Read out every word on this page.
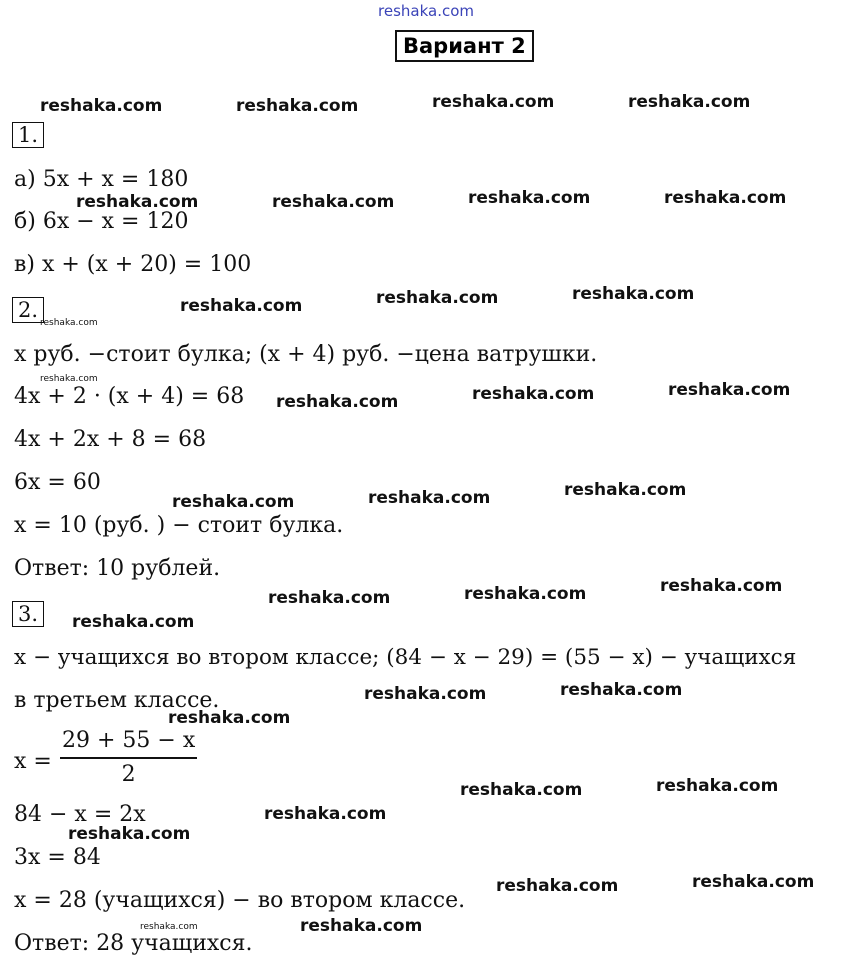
reshaka.com
Вариант 2
reshaka.com	reshaka.com	reshaka.com	reshaka.com
reshaka.com	reshaka.com	reshaka.com	reshaka.com
reshaka.com	reshaka.com	reshaka.com
reshaka.com
reshaka.com
reshaka.com	reshaka.com	reshaka.com
reshaka.com	reshaka.com	reshaka.com
reshaka.com	reshaka.com	reshaka.com
reshaka.com
reshaka.com	reshaka.com
reshaka.com
reshaka.com	reshaka.com
reshaka.com
reshaka.com
reshaka.com	reshaka.com
reshaka.com
reshaka.com
1.
а) 5x + x = 180
б) 6x − x = 120
в) x + (x + 20) = 100
2.
x руб. −стоит булка; (x + 4) руб. −цена ватрушки.
4x + 2 · (x + 4) = 68
4x + 2x + 8 = 68
6x = 60
x = 10 (руб. ) − стоит булка.
Ответ: 10 рублей.
3.
x − учащихся во втором классе; (84 − x − 29) = (55 − x) − учащихся
в третьем классе.
x =
29 + 55 − x
2
84 − x = 2x
3x = 84
x = 28 (учащихся) − во втором классе.
Ответ: 28 учащихся.
